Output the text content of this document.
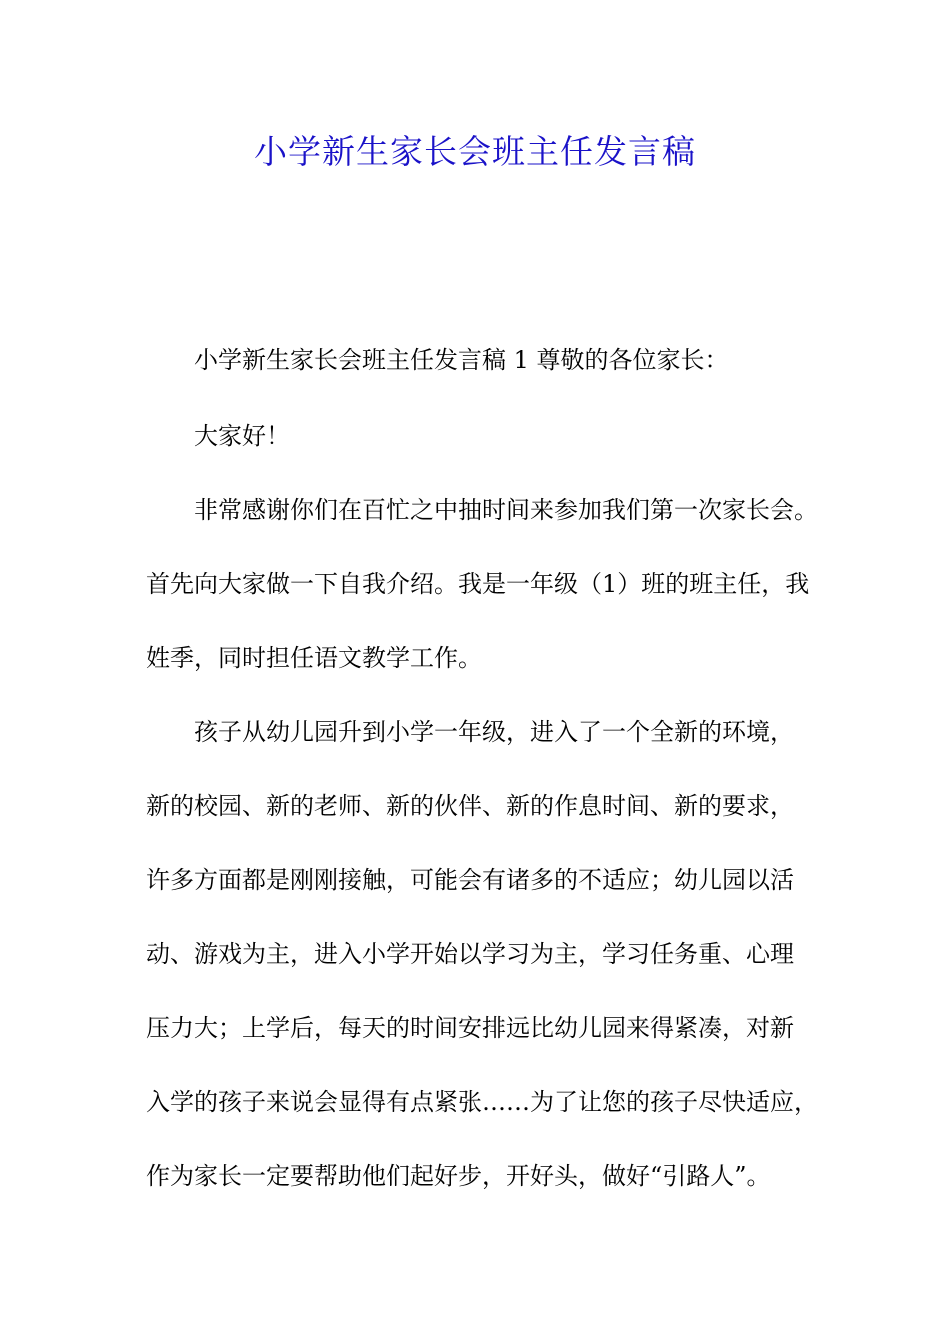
小学新生家长会班主任发言稿
小学新生家长会班主任发言稿 1 尊敬的各位家长：
大家好！
非常感谢你们在百忙之中抽时间来参加我们第一次家长会。
首先向大家做一下自我介绍。我是一年级（1）班的班主任，我
姓季，同时担任语文教学工作。
孩子从幼儿园升到小学一年级，进入了一个全新的环境，
新的校园、新的老师、新的伙伴、新的作息时间、新的要求，
许多方面都是刚刚接触，可能会有诸多的不适应；幼儿园以活
动、游戏为主，进入小学开始以学习为主，学习任务重、心理
压力大；上学后，每天的时间安排远比幼儿园来得紧凑，对新
入学的孩子来说会显得有点紧张……为了让您的孩子尽快适应，
作为家长一定要帮助他们起好步，开好头，做好“引路人”。
